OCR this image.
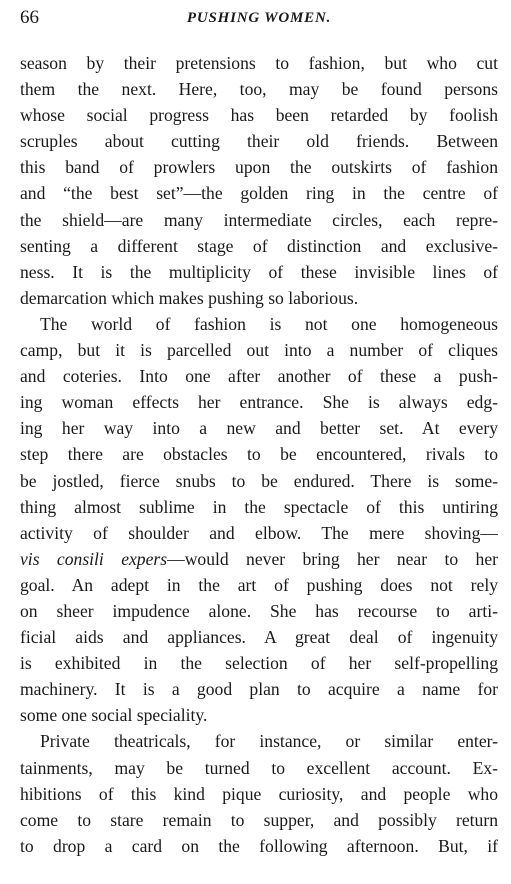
66	PUSHING WOMEN.
season by their pretensions to fashion, but who cut
them the next. Here, too, may be found persons
whose social progress has been retarded by foolish
scruples about cutting their old friends. Between
this band of prowlers upon the outskirts of fashion
and “the best set”—the golden ring in the centre of
the shield—are many intermediate circles, each repre-
senting a different stage of distinction and exclusive-
ness. It is the multiplicity of these invisible lines of
demarcation which makes pushing so laborious.
The world of fashion is not one homogeneous
camp, but it is parcelled out into a number of cliques
and coteries. Into one after another of these a push-
ing woman effects her entrance. She is always edg-
ing her way into a new and better set. At every
step there are obstacles to be encountered, rivals to
be jostled, fierce snubs to be endured. There is some-
thing almost sublime in the spectacle of this untiring
activity of shoulder and elbow. The mere shoving—
vis consili expers—would never bring her near to her
goal. An adept in the art of pushing does not rely
on sheer impudence alone. She has recourse to arti-
ficial aids and appliances. A great deal of ingenuity
is exhibited in the selection of her self-propelling
machinery. It is a good plan to acquire a name for
some one social speciality.
Private theatricals, for instance, or similar enter-
tainments, may be turned to excellent account. Ex-
hibitions of this kind pique curiosity, and people who
come to stare remain to supper, and possibly return
to drop a card on the following afternoon. But, if
